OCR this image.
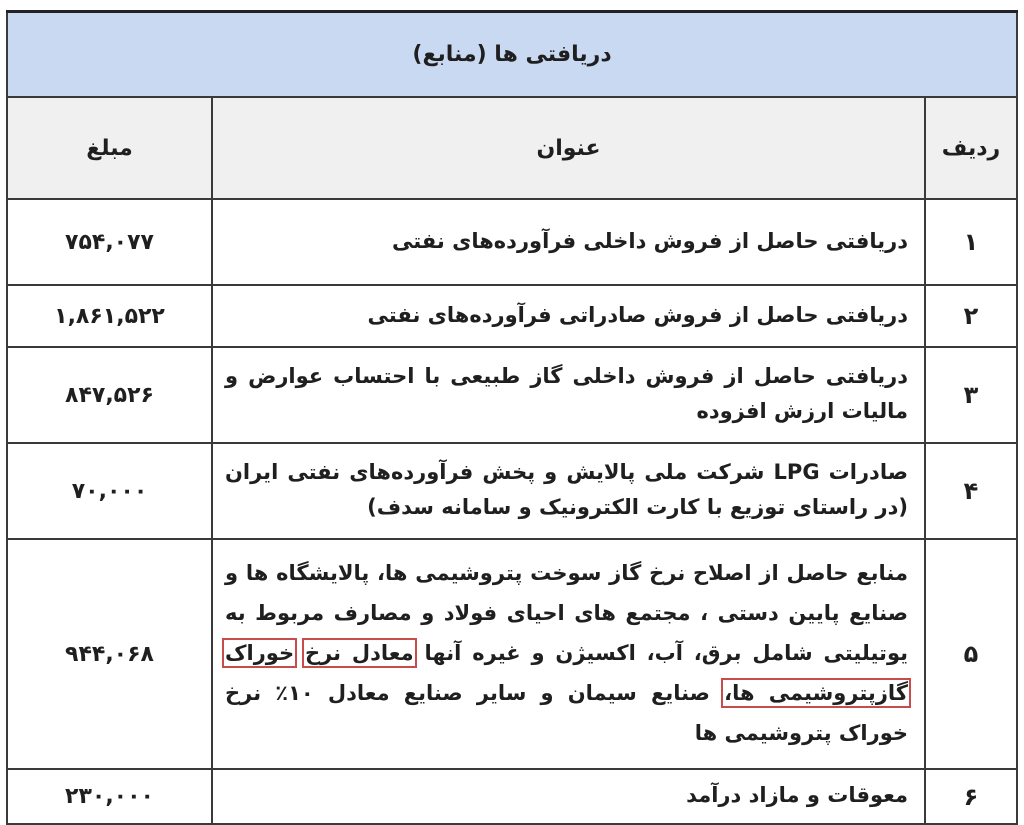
دریافتی ها (منابع)		
ردیف	عنوان	مبلغ
۱	دریافتی حاصل از فروش داخلی فرآورده‌های نفتی	۷۵۴,۰۷۷
۲	دریافتی حاصل از فروش صادراتی فرآورده‌های نفتی	۱,۸۶۱,۵۲۲
۳	دریافتی حاصل از فروش داخلی گاز طبیعی با احتساب عوارض و مالیات ارزش افزوده	۸۴۷,۵۲۶
۴	صادرات LPG شرکت ملی پالایش و پخش فرآورده‌های نفتی ایران (در راستای توزیع با کارت الکترونیک و سامانه سدف)	۷۰,۰۰۰
۵	منابع حاصل از اصلاح نرخ گاز سوخت پتروشیمی ها، پالایشگاه ها و صنایع پایین دستی ، مجتمع های احیای فولاد و مصارف مربوط به یوتیلیتی شامل برق، آب، اکسیژن و غیره آنها معادل نرخ خوراک گازپتروشیمی ها، صنایع سیمان و سایر صنایع معادل ۱۰٪ نرخ خوراک پتروشیمی ها	۹۴۴,۰۶۸
۶	معوقات و مازاد درآمد	۲۳۰,۰۰۰
